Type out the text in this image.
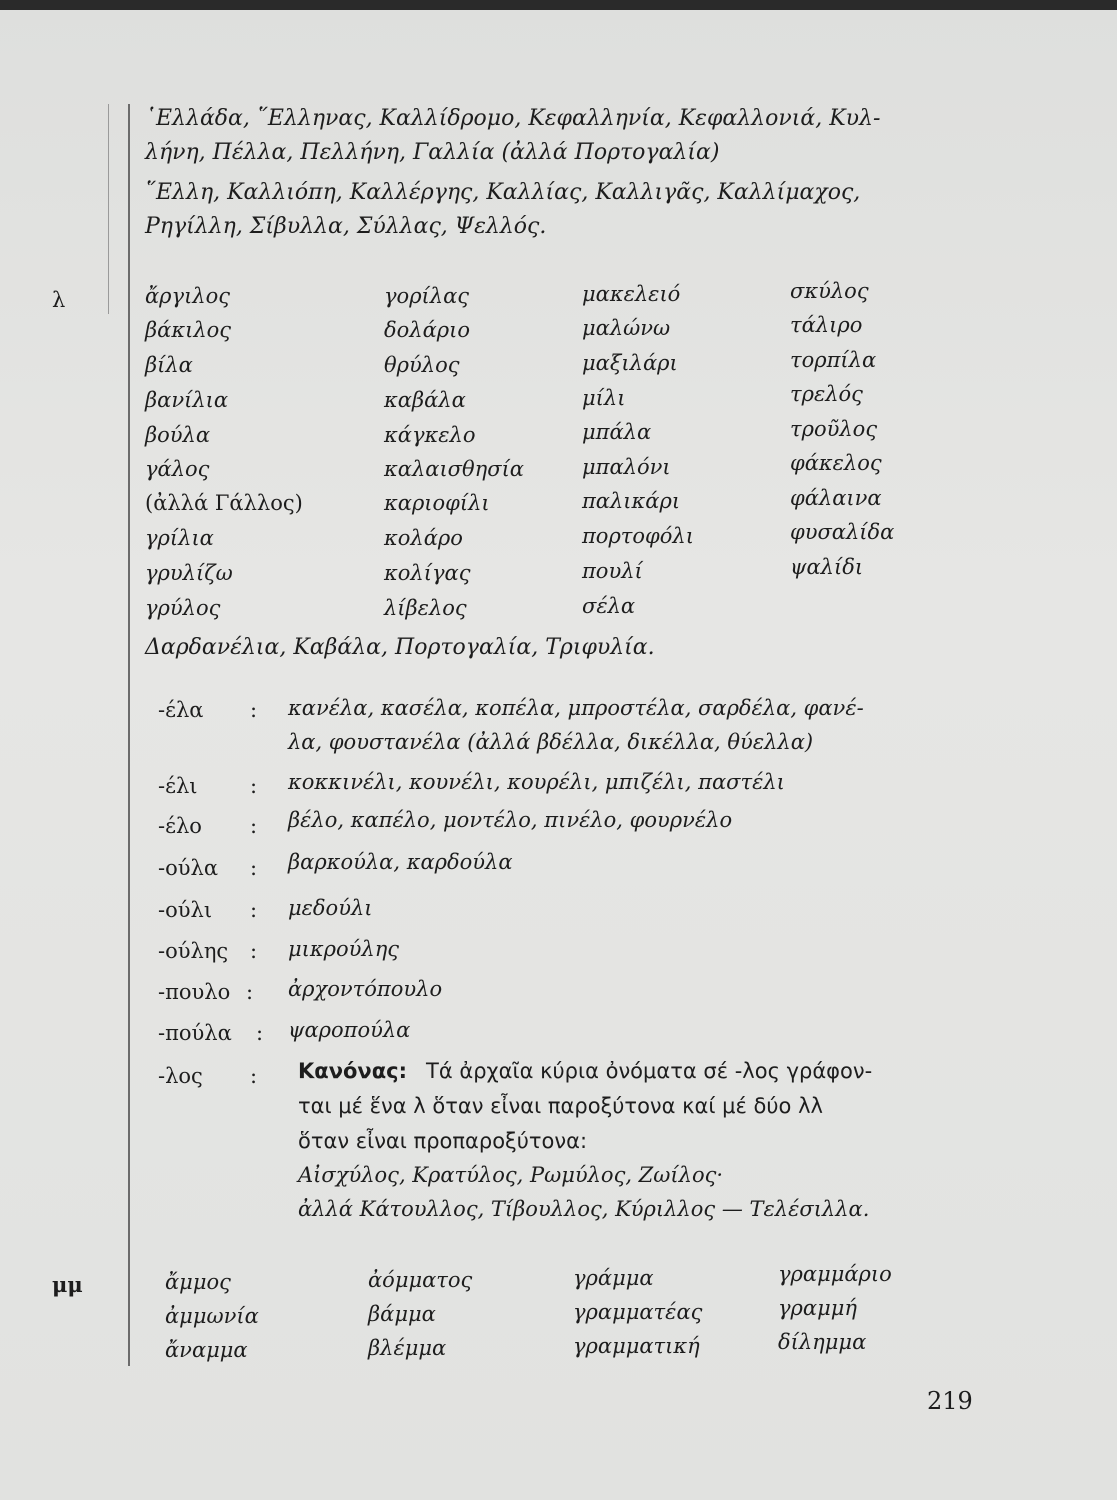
῾Ελλάδα, ῞Ελληνας, Καλλίδρομο, Κεφαλληνία, Κεφαλλονιά, Κυλ-
λήνη, Πέλλα, Πελλήνη, Γαλλία (ἀλλά Πορτογαλία)
῞Ελλη, Καλλιόπη, Καλλέργης, Καλλίας, Καλλιγᾶς, Καλλίμαχος,
Ρηγίλλη, Σίβυλλα, Σύλλας, Ψελλός.
λ	ἄργιλος
βάκιλος
βίλα
βανίλια
βούλα
γάλος
(ἀλλά Γάλλος)
γρίλια
γρυλίζω
γρύλος
γορίλας
δολάριο
θρύλος
καβάλα
κάγκελο
καλαισθησία
καριοφίλι
κολάρο
κολίγας
λίβελος
μακελειό
μαλώνω
μαξιλάρι
μίλι
μπάλα
μπαλόνι
παλικάρι
πορτοφόλι
πουλί
σέλα
σκύλος
τάλιρο
τορπίλα
τρελός
τροῦλος
φάκελος
φάλαινα
φυσαλίδα
ψαλίδι
Δαρδανέλια, Καβάλα, Πορτογαλία, Τριφυλία.
-έλα : κανέλα, κασέλα, κοπέλα, μπροστέλα, σαρδέλα, φανέ-
λα, φουστανέλα (ἀλλά βδέλλα, δικέλλα, θύελλα)
-έλι : κοκκινέλι, κουνέλι, κουρέλι, μπιζέλι, παστέλι
-έλο : βέλο, καπέλο, μοντέλο, πινέλο, φουρνέλο
-ούλα : βαρκούλα, καρδούλα
-ούλι : μεδούλι
-ούλης : μικρούλης
-πουλο : ἀρχοντόπουλο
-πούλα : ψαροπούλα
-λος : Κανόνας: Τά ἀρχαῖα κύρια ὀνόματα σέ -λος γράφον-
ται μέ ἕνα λ ὅταν εἶναι παροξύτονα καί μέ δύο λλ
ὅταν εἶναι προπαροξύτονα:
Αἰσχύλος, Κρατύλος, Ρωμύλος, Ζωίλος·
ἀλλά Κάτουλλος, Τίβουλλος, Κύριλλος — Τελέσιλλα.
μμ	ἄμμος
ἀμμωνία
ἄναμμα
ἀόμματος
βάμμα
βλέμμα
γράμμα
γραμματέας
γραμματική
γραμμάριο
γραμμή
δίλημμα
219
